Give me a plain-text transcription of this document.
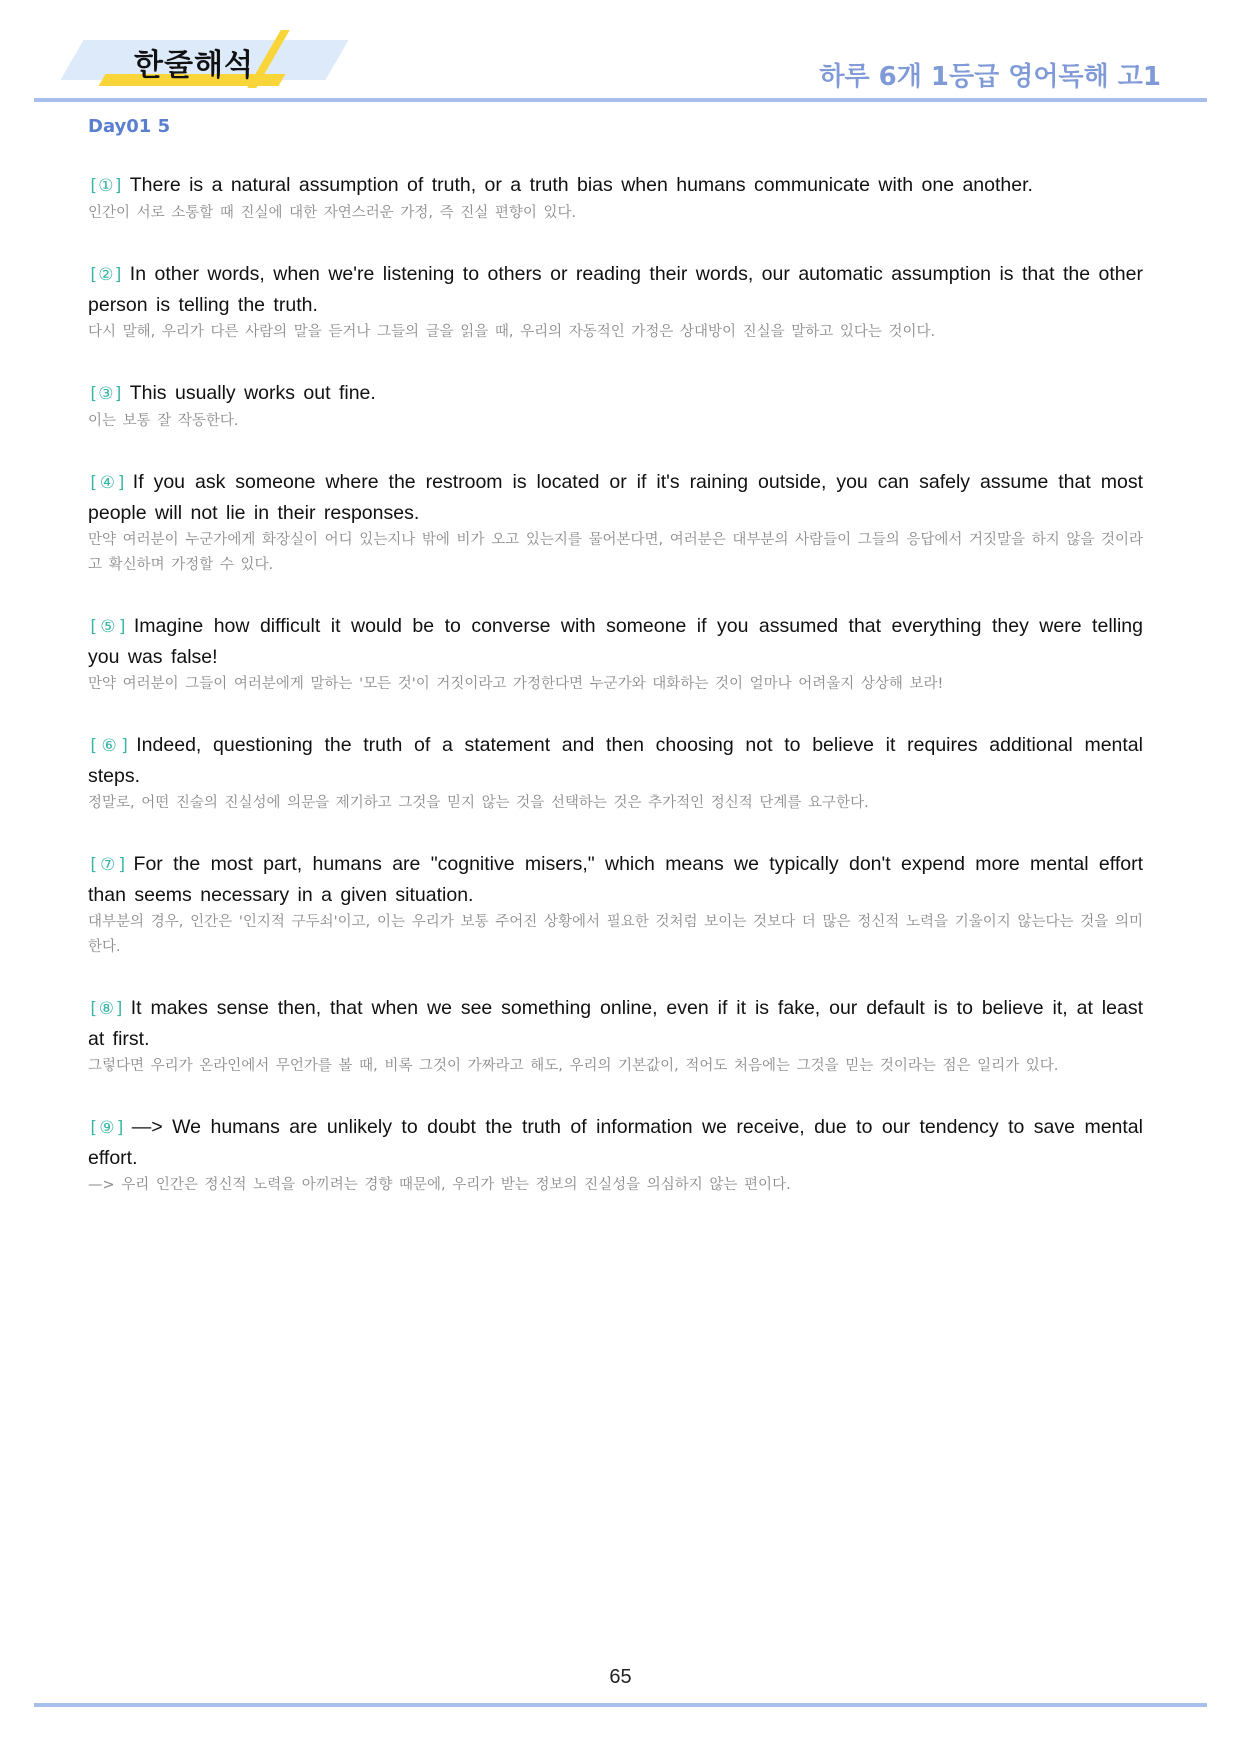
한줄해석	하루 6개 1등급 영어독해 고1
Day01 5

[①] There is a natural assumption of truth, or a truth bias when humans communicate with one another.

인간이 서로 소통할 때 진실에 대한 자연스러운 가정, 즉 진실 편향이 있다.

[②] In other words, when we're listening to others or reading their words, our automatic assumption is that the other person is telling the truth.

다시 말해, 우리가 다른 사람의 말을 듣거나 그들의 글을 읽을 때, 우리의 자동적인 가정은 상대방이 진실을 말하고 있다는 것이다.

[③] This usually works out fine.

이는 보통 잘 작동한다.

[④] If you ask someone where the restroom is located or if it's raining outside, you can safely assume that most people will not lie in their responses.

만약 여러분이 누군가에게 화장실이 어디 있는지나 밖에 비가 오고 있는지를 물어본다면, 여러분은 대부분의 사람들이 그들의 응답에서 거짓말을 하지 않을 것이라고 확신하며 가정할 수 있다.

[⑤] Imagine how difficult it would be to converse with someone if you assumed that everything they were telling you was false!

만약 여러분이 그들이 여러분에게 말하는 '모든 것'이 거짓이라고 가정한다면 누군가와 대화하는 것이 얼마나 어려울지 상상해 보라!

[⑥] Indeed, questioning the truth of a statement and then choosing not to believe it requires additional mental steps.

정말로, 어떤 진술의 진실성에 의문을 제기하고 그것을 믿지 않는 것을 선택하는 것은 추가적인 정신적 단계를 요구한다.

[⑦] For the most part, humans are "cognitive misers," which means we typically don't expend more mental effort than seems necessary in a given situation.

대부분의 경우, 인간은 '인지적 구두쇠'이고, 이는 우리가 보통 주어진 상황에서 필요한 것처럼 보이는 것보다 더 많은 정신적 노력을 기울이지 않는다는 것을 의미한다.

[⑧] It makes sense then, that when we see something online, even if it is fake, our default is to believe it, at least at first.

그렇다면 우리가 온라인에서 무언가를 볼 때, 비록 그것이 가짜라고 해도, 우리의 기본값이, 적어도 처음에는 그것을 믿는 것이라는 점은 일리가 있다.

[⑨] —> We humans are unlikely to doubt the truth of information we receive, due to our tendency to save mental effort.

—> 우리 인간은 정신적 노력을 아끼려는 경향 때문에, 우리가 받는 정보의 진실성을 의심하지 않는 편이다.

65
